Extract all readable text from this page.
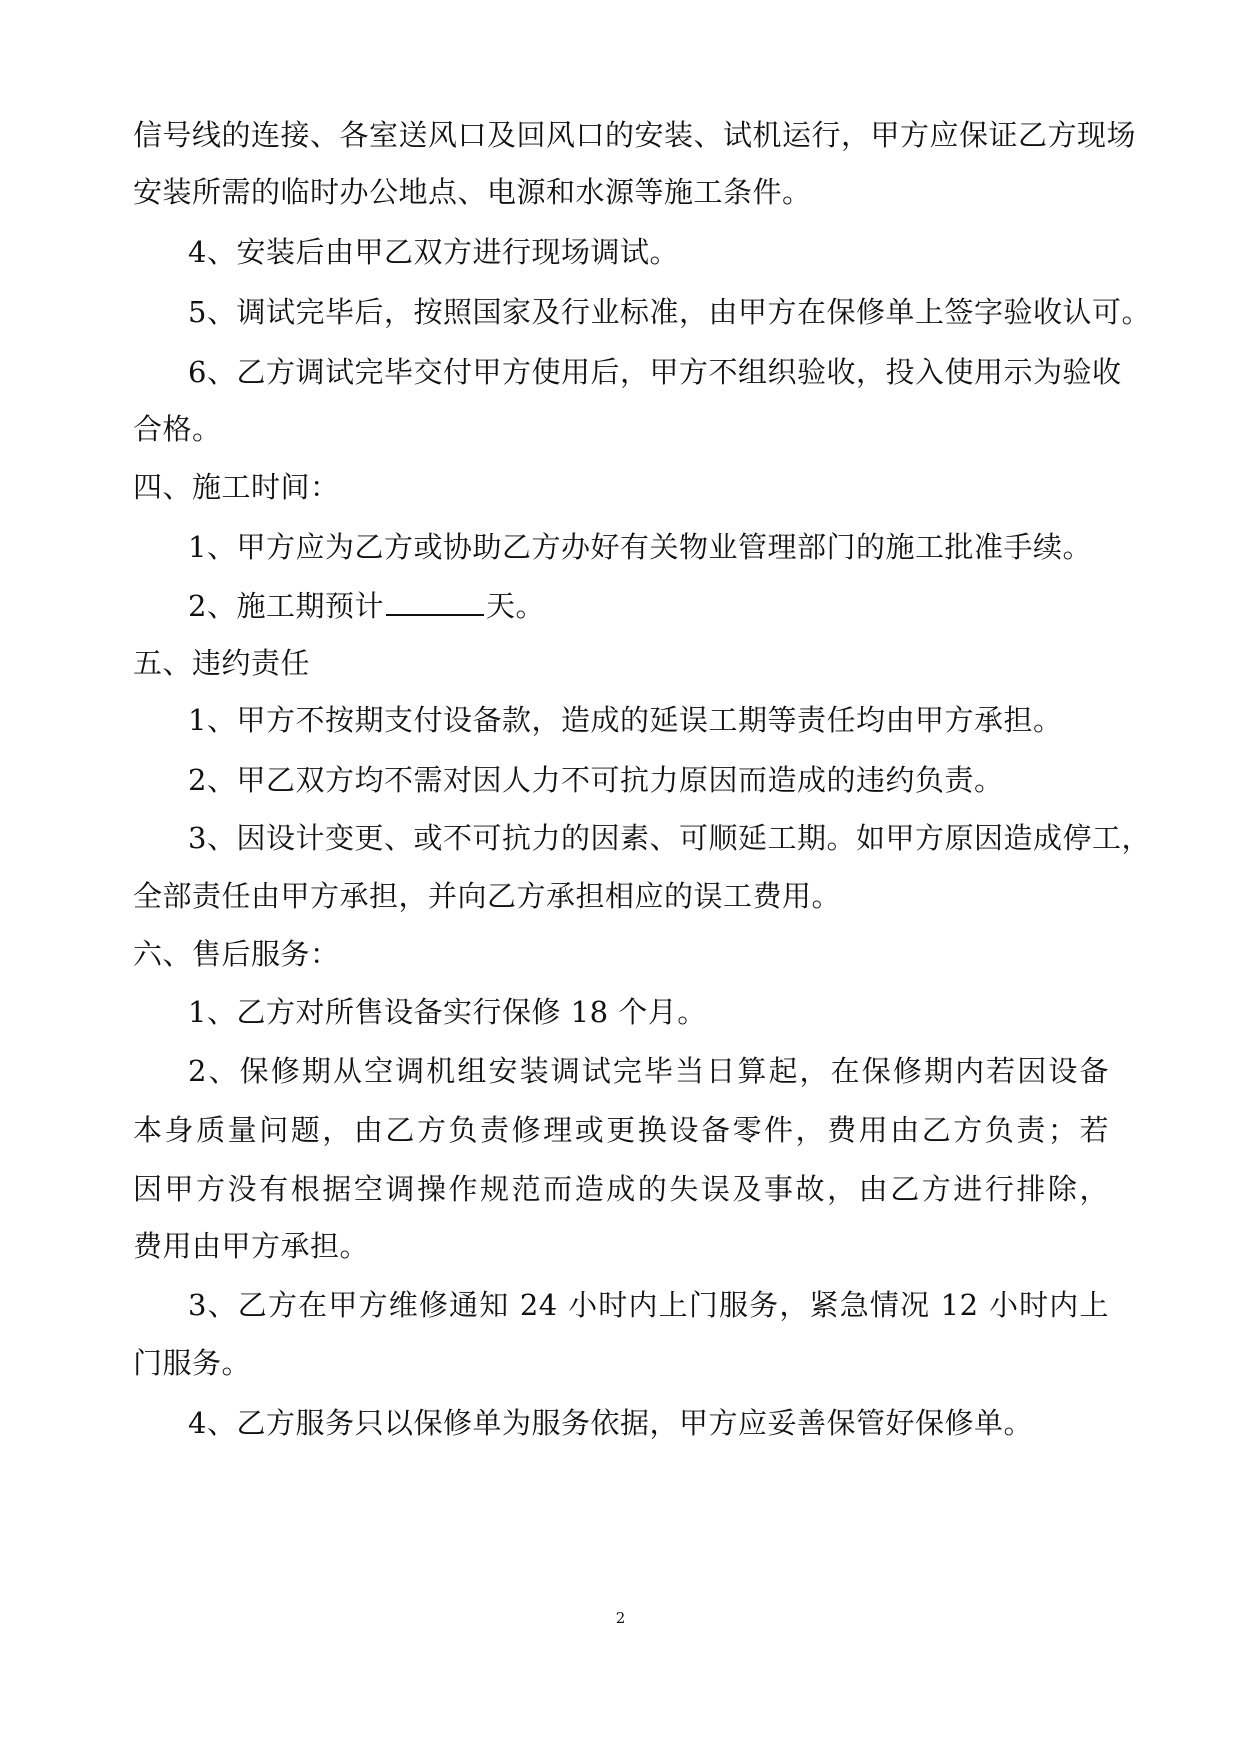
信号线的连接、各室送风口及回风口的安装、试机运行，甲方应保证乙方现场
安装所需的临时办公地点、电源和水源等施工条件。
4、安装后由甲乙双方进行现场调试。
5、调试完毕后，按照国家及行业标准，由甲方在保修单上签字验收认可。
6、乙方调试完毕交付甲方使用后，甲方不组织验收，投入使用示为验收
合格。
四、施工时间：
1、甲方应为乙方或协助乙方办好有关物业管理部门的施工批准手续。
2、施工期预计	天。
五、违约责任
1、甲方不按期支付设备款，造成的延误工期等责任均由甲方承担。
2、甲乙双方均不需对因人力不可抗力原因而造成的违约负责。
3、因设计变更、或不可抗力的因素、可顺延工期。如甲方原因造成停工，
全部责任由甲方承担，并向乙方承担相应的误工费用。
六、售后服务：
1、乙方对所售设备实行保修 18 个月。
2、保修期从空调机组安装调试完毕当日算起，在保修期内若因设备
本身质量问题，由乙方负责修理或更换设备零件，费用由乙方负责；若
因甲方没有根据空调操作规范而造成的失误及事故，由乙方进行排除，
费用由甲方承担。
3、乙方在甲方维修通知 24 小时内上门服务，紧急情况 12 小时内上
门服务。
4、乙方服务只以保修单为服务依据，甲方应妥善保管好保修单。
2
